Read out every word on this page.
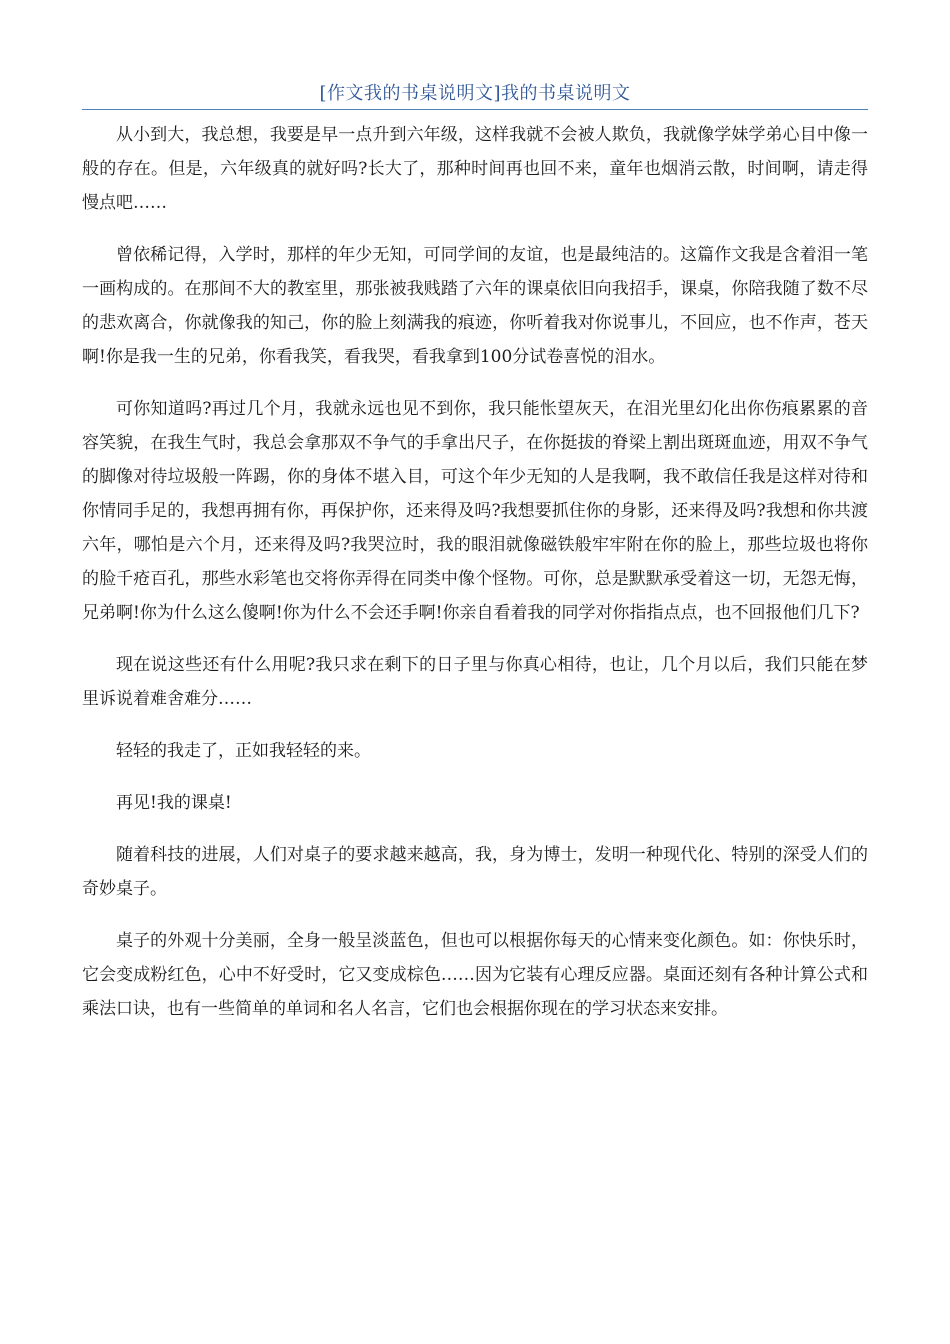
[作文我的书桌说明文]我的书桌说明文

从小到大，我总想，我要是早一点升到六年级，这样我就不会被人欺负，我就像学妹学弟心目中像一般的存在。但是，六年级真的就好吗?长大了，那种时间再也回不来，童年也烟消云散，时间啊，请走得慢点吧……

曾依稀记得，入学时，那样的年少无知，可同学间的友谊，也是最纯洁的。这篇作文我是含着泪一笔一画构成的。在那间不大的教室里，那张被我贱踏了六年的课桌依旧向我招手，课桌，你陪我随了数不尽的悲欢离合，你就像我的知己，你的脸上刻满我的痕迹，你听着我对你说事儿，不回应，也不作声，苍天啊!你是我一生的兄弟，你看我笑，看我哭，看我拿到100分试卷喜悦的泪水。

可你知道吗?再过几个月，我就永远也见不到你，我只能怅望灰天，在泪光里幻化出你伤痕累累的音容笑貌，在我生气时，我总会拿那双不争气的手拿出尺子，在你挺拔的脊梁上割出斑斑血迹，用双不争气的脚像对待垃圾般一阵踢，你的身体不堪入目，可这个年少无知的人是我啊，我不敢信任我是这样对待和你情同手足的，我想再拥有你，再保护你，还来得及吗?我想要抓住你的身影，还来得及吗?我想和你共渡六年，哪怕是六个月，还来得及吗?我哭泣时，我的眼泪就像磁铁般牢牢附在你的脸上，那些垃圾也将你的脸千疮百孔，那些水彩笔也交将你弄得在同类中像个怪物。可你，总是默默承受着这一切，无怨无悔，兄弟啊!你为什么这么傻啊!你为什么不会还手啊!你亲自看着我的同学对你指指点点，也不回报他们几下?

现在说这些还有什么用呢?我只求在剩下的日子里与你真心相待，也让，几个月以后，我们只能在梦里诉说着难舍难分……

轻轻的我走了，正如我轻轻的来。

再见!我的课桌!

随着科技的进展，人们对桌子的要求越来越高，我，身为博士，发明一种现代化、特别的深受人们的奇妙桌子。

桌子的外观十分美丽，全身一般呈淡蓝色，但也可以根据你每天的心情来变化颜色。如：你快乐时，它会变成粉红色，心中不好受时，它又变成棕色……因为它装有心理反应器。桌面还刻有各种计算公式和乘法口诀，也有一些简单的单词和名人名言，它们也会根据你现在的学习状态来安排。
